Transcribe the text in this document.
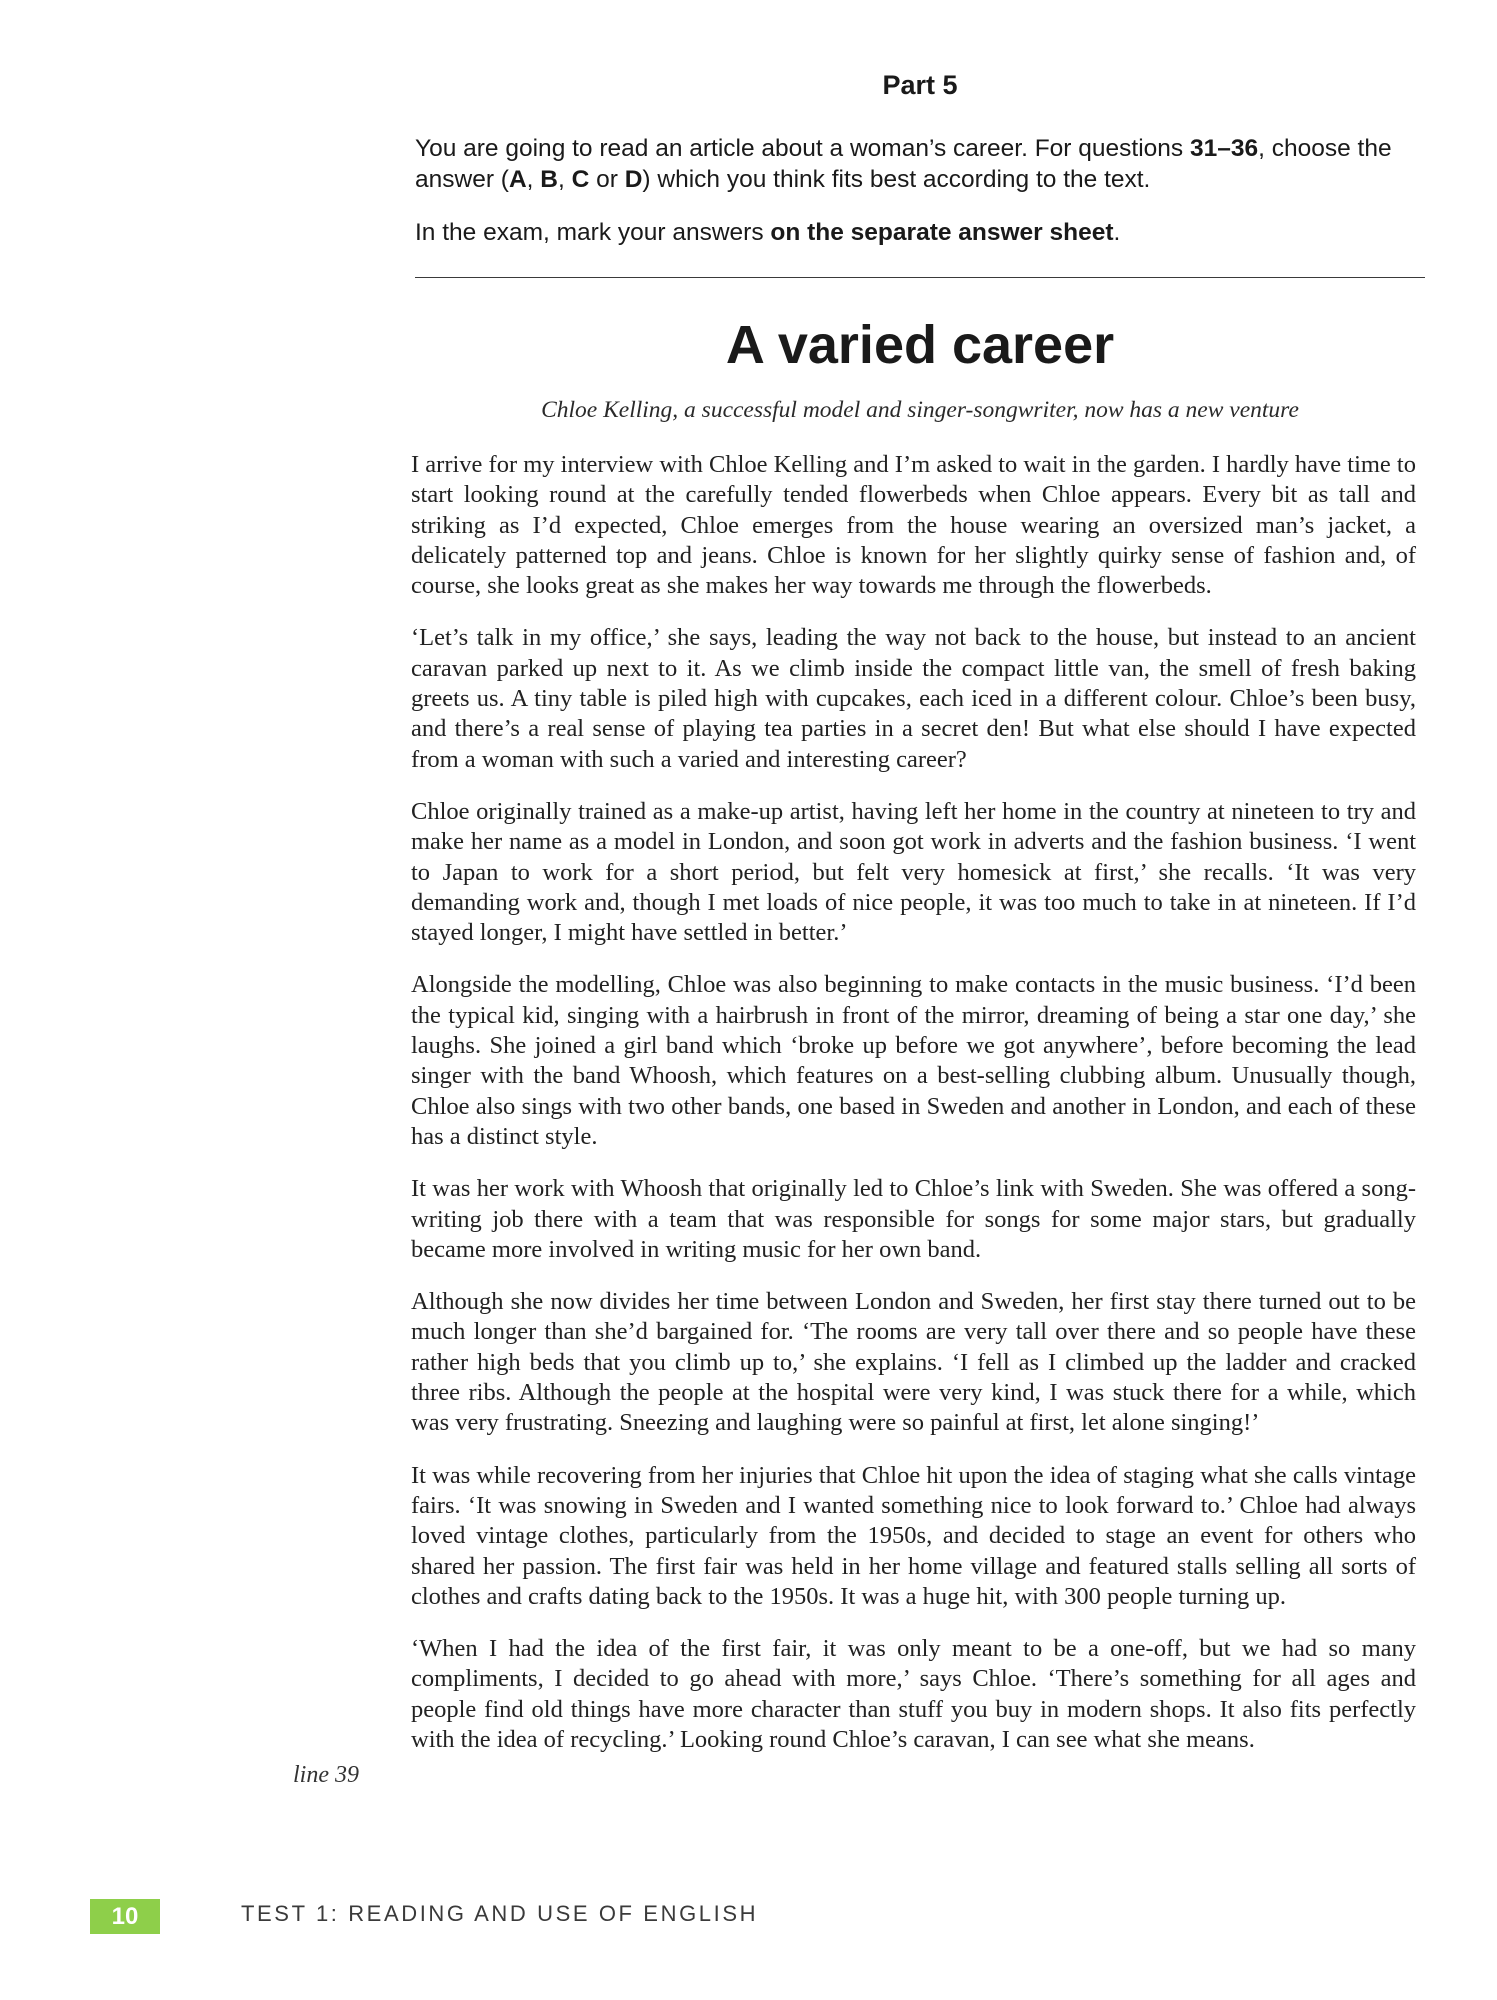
Part 5

You are going to read an article about a woman’s career. For questions 31–36, choose the answer (A, B, C or D) which you think fits best according to the text.

In the exam, mark your answers on the separate answer sheet.

A varied career
Chloe Kelling, a successful model and singer-songwriter, now has a new venture

I arrive for my interview with Chloe Kelling and I’m asked to wait in the garden. I hardly have time to start looking round at the carefully tended flowerbeds when Chloe appears. Every bit as tall and striking as I’d expected, Chloe emerges from the house wearing an oversized man’s jacket, a delicately patterned top and jeans. Chloe is known for her slightly quirky sense of fashion and, of course, she looks great as she makes her way towards me through the flowerbeds.

‘Let’s talk in my office,’ she says, leading the way not back to the house, but instead to an ancient caravan parked up next to it. As we climb inside the compact little van, the smell of fresh baking greets us. A tiny table is piled high with cupcakes, each iced in a different colour. Chloe’s been busy, and there’s a real sense of playing tea parties in a secret den! But what else should I have expected from a woman with such a varied and interesting career?

Chloe originally trained as a make-up artist, having left her home in the country at nineteen to try and make her name as a model in London, and soon got work in adverts and the fashion business. ‘I went to Japan to work for a short period, but felt very homesick at first,’ she recalls. ‘It was very demanding work and, though I met loads of nice people, it was too much to take in at nineteen. If I’d stayed longer, I might have settled in better.’

Alongside the modelling, Chloe was also beginning to make contacts in the music business. ‘I’d been the typical kid, singing with a hairbrush in front of the mirror, dreaming of being a star one day,’ she laughs. She joined a girl band which ‘broke up before we got anywhere’, before becoming the lead singer with the band Whoosh, which features on a best-selling clubbing album. Unusually though, Chloe also sings with two other bands, one based in Sweden and another in London, and each of these has a distinct style.

It was her work with Whoosh that originally led to Chloe’s link with Sweden. She was offered a song-writing job there with a team that was responsible for songs for some major stars, but gradually became more involved in writing music for her own band.

Although she now divides her time between London and Sweden, her first stay there turned out to be much longer than she’d bargained for. ‘The rooms are very tall over there and so people have these rather high beds that you climb up to,’ she explains. ‘I fell as I climbed up the ladder and cracked three ribs. Although the people at the hospital were very kind, I was stuck there for a while, which was very frustrating. Sneezing and laughing were so painful at first, let alone singing!’

It was while recovering from her injuries that Chloe hit upon the idea of staging what she calls vintage fairs. ‘It was snowing in Sweden and I wanted something nice to look forward to.’ Chloe had always loved vintage clothes, particularly from the 1950s, and decided to stage an event for others who shared her passion. The first fair was held in her home village and featured stalls selling all sorts of clothes and crafts dating back to the 1950s. It was a huge hit, with 300 people turning up.

‘When I had the idea of the first fair, it was only meant to be a one-off, but we had so many compliments, I decided to go ahead with more,’ says Chloe. ‘There’s something for all ages and people find old things have more character than stuff you buy in modern shops. It also fits perfectly with the idea of recycling.’ Looking round Chloe’s caravan, I can see what she means.

line 39
10	TEST 1: READING AND USE OF ENGLISH
